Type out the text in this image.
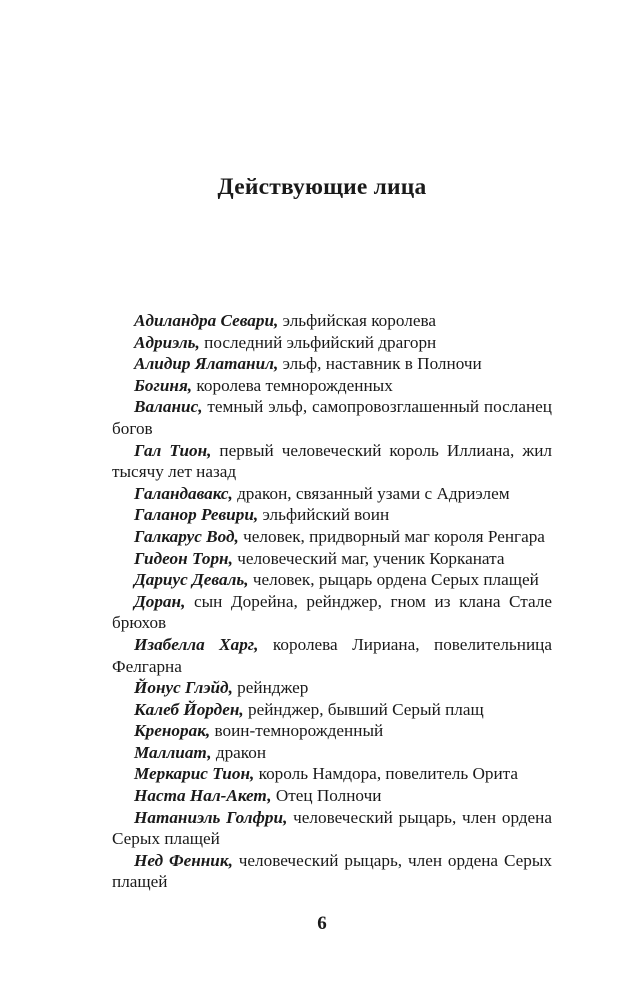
Действующие лица
Адиландра Севари, эльфийская королева
Адриэль, последний эльфийский драгорн
Алидир Ялатанил, эльф, наставник в Полночи
Богиня, королева темнорожденных
Валанис, темный эльф, самопровозглашенный посла​нец богов
Гал Тион, первый человеческий король Иллиана, жил тысячу лет назад
Галандавакс, дракон, связанный узами с Адриэлем
Галанор Ревири, эльфийский воин
Галкарус Вод, человек, придворный маг короля Ренгара
Гидеон Торн, человеческий маг, ученик Корканата
Дариус Деваль, человек, рыцарь ордена Серых плащей
Доран, сын Дорейна, рейнджер, гном из клана Стале​брюхов
Изабелла Харг, королева Лириана, повелительница Фелгарна
Йонус Глэйд, рейнджер
Калеб Йорден, рейнджер, бывший Серый плащ
Кренорак, воин-темнорожденный
Маллиат, дракон
Меркарис Тион, король Намдора, повелитель Орита
Наста Нал-Акет, Отец Полночи
Натаниэль Голфри, человеческий рыцарь, член орде​на Серых плащей
Нед Фенник, человеческий рыцарь, член ордена Серых плащей
6
